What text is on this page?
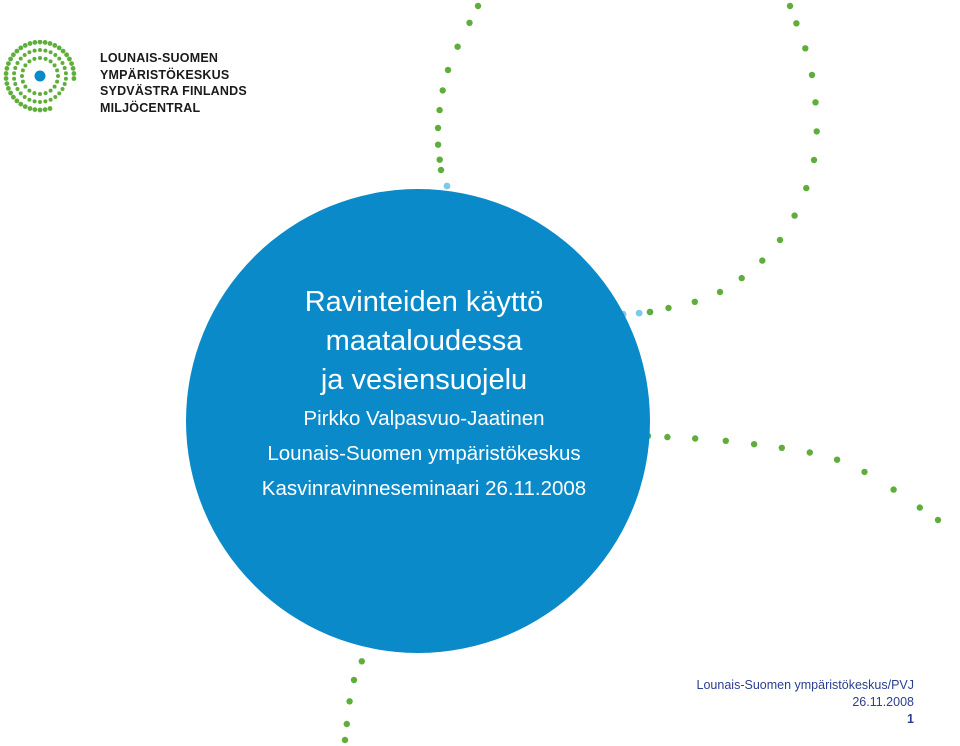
LOUNAIS-SUOMEN
YMPÄRISTÖKESKUS
SYDVÄSTRA FINLANDS
MILJÖCENTRAL
Ravinteiden käyttö
maataloudessa
ja vesiensuojelu
Pirkko Valpasvuo-Jaatinen
Lounais-Suomen ympäristökeskus
Kasvinravinneseminaari 26.11.2008
Lounais-Suomen ympäristökeskus/PVJ
26.11.2008
1
